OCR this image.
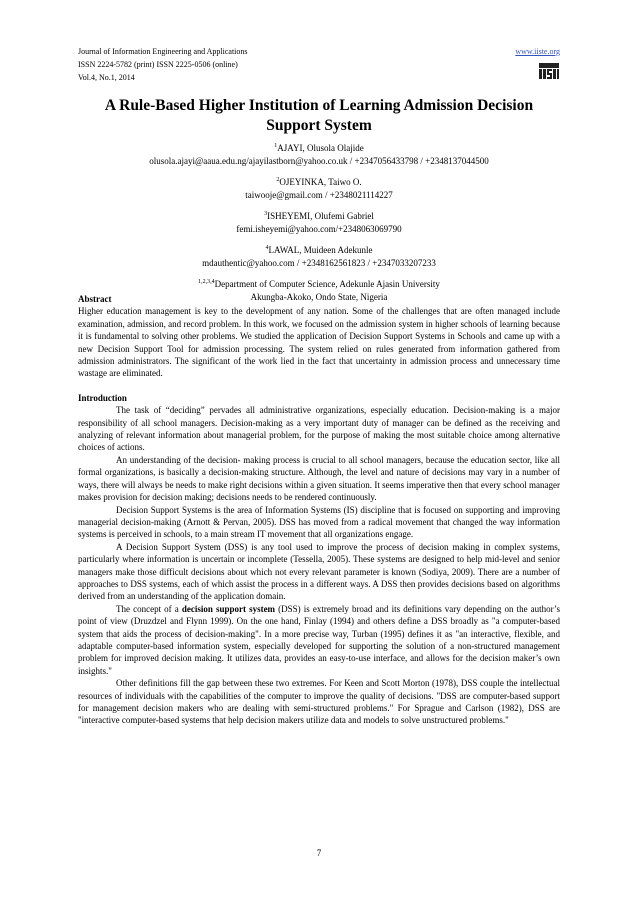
Journal of Information Engineering and Applications
ISSN 2224-5782 (print) ISSN 2225-0506 (online)
Vol.4, No.1, 2014
www.iiste.org
A Rule-Based Higher Institution of Learning Admission Decision Support System
$^1$AJAYI, Olusola Olajide
olusola.ajayi@aaua.edu.ng/ajayilastborn@yahoo.co.uk / +2347056433798 / +2348137044500
$^2$OJEYINKA, Taiwo O.
taiwooje@gmail.com / +2348021114227
$^3$ISHEYEMI, Olufemi Gabriel
femi.isheyemi@yahoo.com/+2348063069790
$^4$LAWAL, Muideen Adekunle
mdauthentic@yahoo.com / +2348162561823 / +2347033207233
$^{1,2,3,4}$Department of Computer Science, Adekunle Ajasin University
Akungba-Akoko, Ondo State, Nigeria
Abstract
Higher education management is key to the development of any nation. Some of the challenges that are often managed include examination, admission, and record problem. In this work, we focused on the admission system in higher schools of learning because it is fundamental to solving other problems. We studied the application of Decision Support Systems in Schools and came up with a new Decision Support Tool for admission processing. The system relied on rules generated from information gathered from admission administrators. The significant of the work lied in the fact that uncertainty in admission process and unnecessary time wastage are eliminated.
Introduction
The task of “deciding” pervades all administrative organizations, especially education. Decision-making is a major responsibility of all school managers. Decision-making as a very important duty of manager can be defined as the receiving and analyzing of relevant information about managerial problem, for the purpose of making the most suitable choice among alternative choices of actions.
An understanding of the decision- making process is crucial to all school managers, because the education sector, like all formal organizations, is basically a decision-making structure. Although, the level and nature of decisions may vary in a number of ways, there will always be needs to make right decisions within a given situation. It seems imperative then that every school manager makes provision for decision making; decisions needs to be rendered continuously.
Decision Support Systems is the area of Information Systems (IS) discipline that is focused on supporting and improving managerial decision-making (Arnott & Pervan, 2005). DSS has moved from a radical movement that changed the way information systems is perceived in schools, to a main stream IT movement that all organizations engage.
A Decision Support System (DSS) is any tool used to improve the process of decision making in complex systems, particularly where information is uncertain or incomplete (Tessella, 2005). These systems are designed to help mid-level and senior managers make those difficult decisions about which not every relevant parameter is known (Sodiya, 2009). There are a number of approaches to DSS systems, each of which assist the process in a different ways. A DSS then provides decisions based on algorithms derived from an understanding of the application domain.
The concept of a decision support system (DSS) is extremely broad and its definitions vary depending on the author’s point of view (Druzdzel and Flynn 1999). On the one hand, Finlay (1994) and others define a DSS broadly as "a computer-based system that aids the process of decision-making". In a more precise way, Turban (1995) defines it as "an interactive, flexible, and adaptable computer-based information system, especially developed for supporting the solution of a non-structured management problem for improved decision making. It utilizes data, provides an easy-to-use interface, and allows for the decision maker’s own insights."
Other definitions fill the gap between these two extremes. For Keen and Scott Morton (1978), DSS couple the intellectual resources of individuals with the capabilities of the computer to improve the quality of decisions. "DSS are computer-based support for management decision makers who are dealing with semi-structured problems." For Sprague and Carlson (1982), DSS are "interactive computer-based systems that help decision makers utilize data and models to solve unstructured problems."
7
